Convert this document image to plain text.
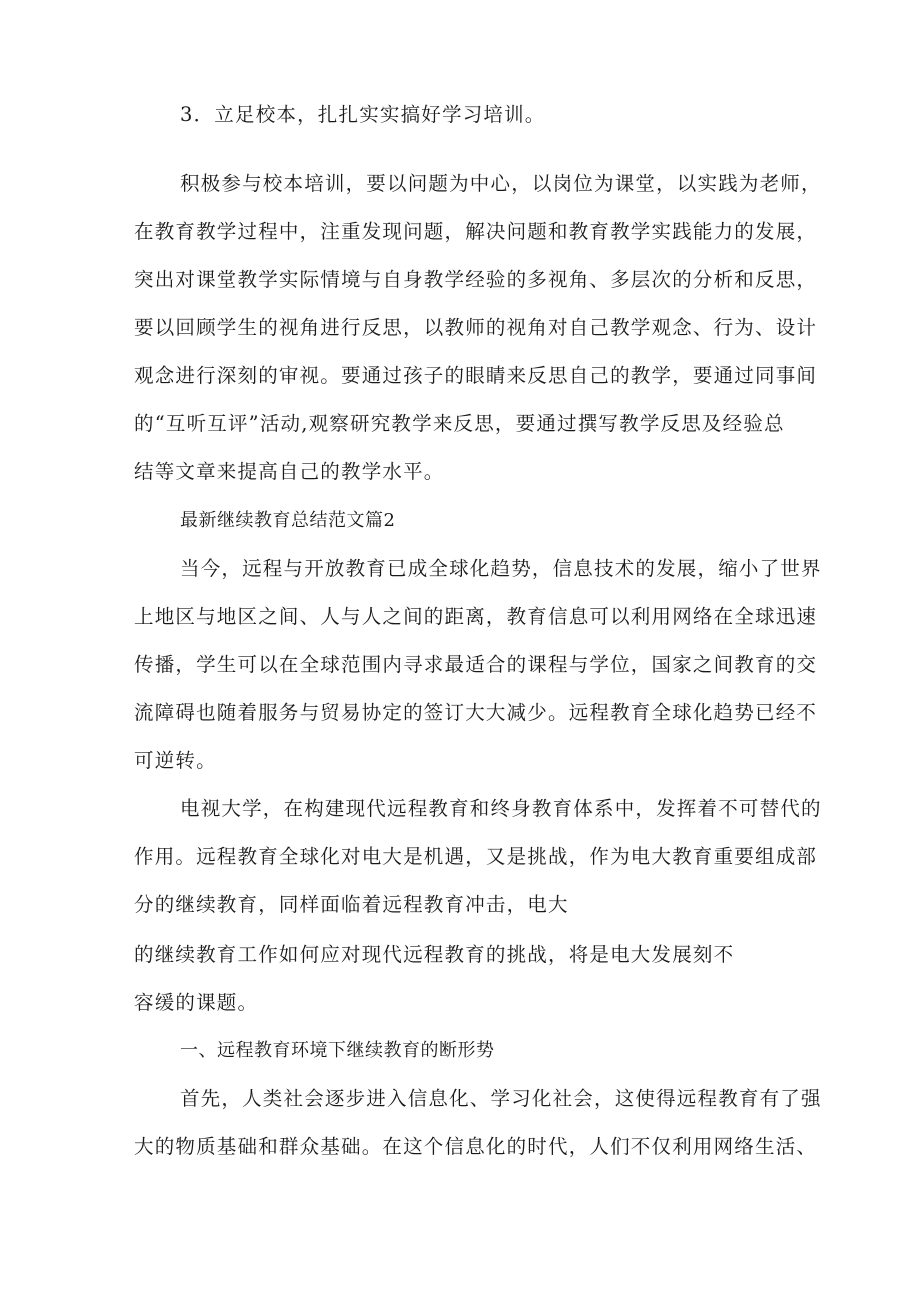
3．立足校本，扎扎实实搞好学习培训。

积极参与校本培训，要以问题为中心，以岗位为课堂，以实践为老师，

在教育教学过程中，注重发现问题，解决问题和教育教学实践能力的发展，

突出对课堂教学实际情境与自身教学经验的多视角、多层次的分析和反思，

要以回顾学生的视角进行反思，以教师的视角对自己教学观念、行为、设计

观念进行深刻的审视。要通过孩子的眼睛来反思自己的教学，要通过同事间

的“互听互评”活动,观察研究教学来反思，要通过撰写教学反思及经验总

结等文章来提高自己的教学水平。

最新继续教育总结范文篇2

当今，远程与开放教育已成全球化趋势，信息技术的发展，缩小了世界

上地区与地区之间、人与人之间的距离，教育信息可以利用网络在全球迅速

传播，学生可以在全球范围内寻求最适合的课程与学位，国家之间教育的交

流障碍也随着服务与贸易协定的签订大大减少。远程教育全球化趋势已经不

可逆转。

电视大学，在构建现代远程教育和终身教育体系中，发挥着不可替代的

作用。远程教育全球化对电大是机遇，又是挑战，作为电大教育重要组成部

分的继续教育，同样面临着远程教育冲击，电大

的继续教育工作如何应对现代远程教育的挑战，将是电大发展刻不

容缓的课题。

一、远程教育环境下继续教育的断形势

首先，人类社会逐步进入信息化、学习化社会，这使得远程教育有了强

大的物质基础和群众基础。在这个信息化的时代，人们不仅利用网络生活、
